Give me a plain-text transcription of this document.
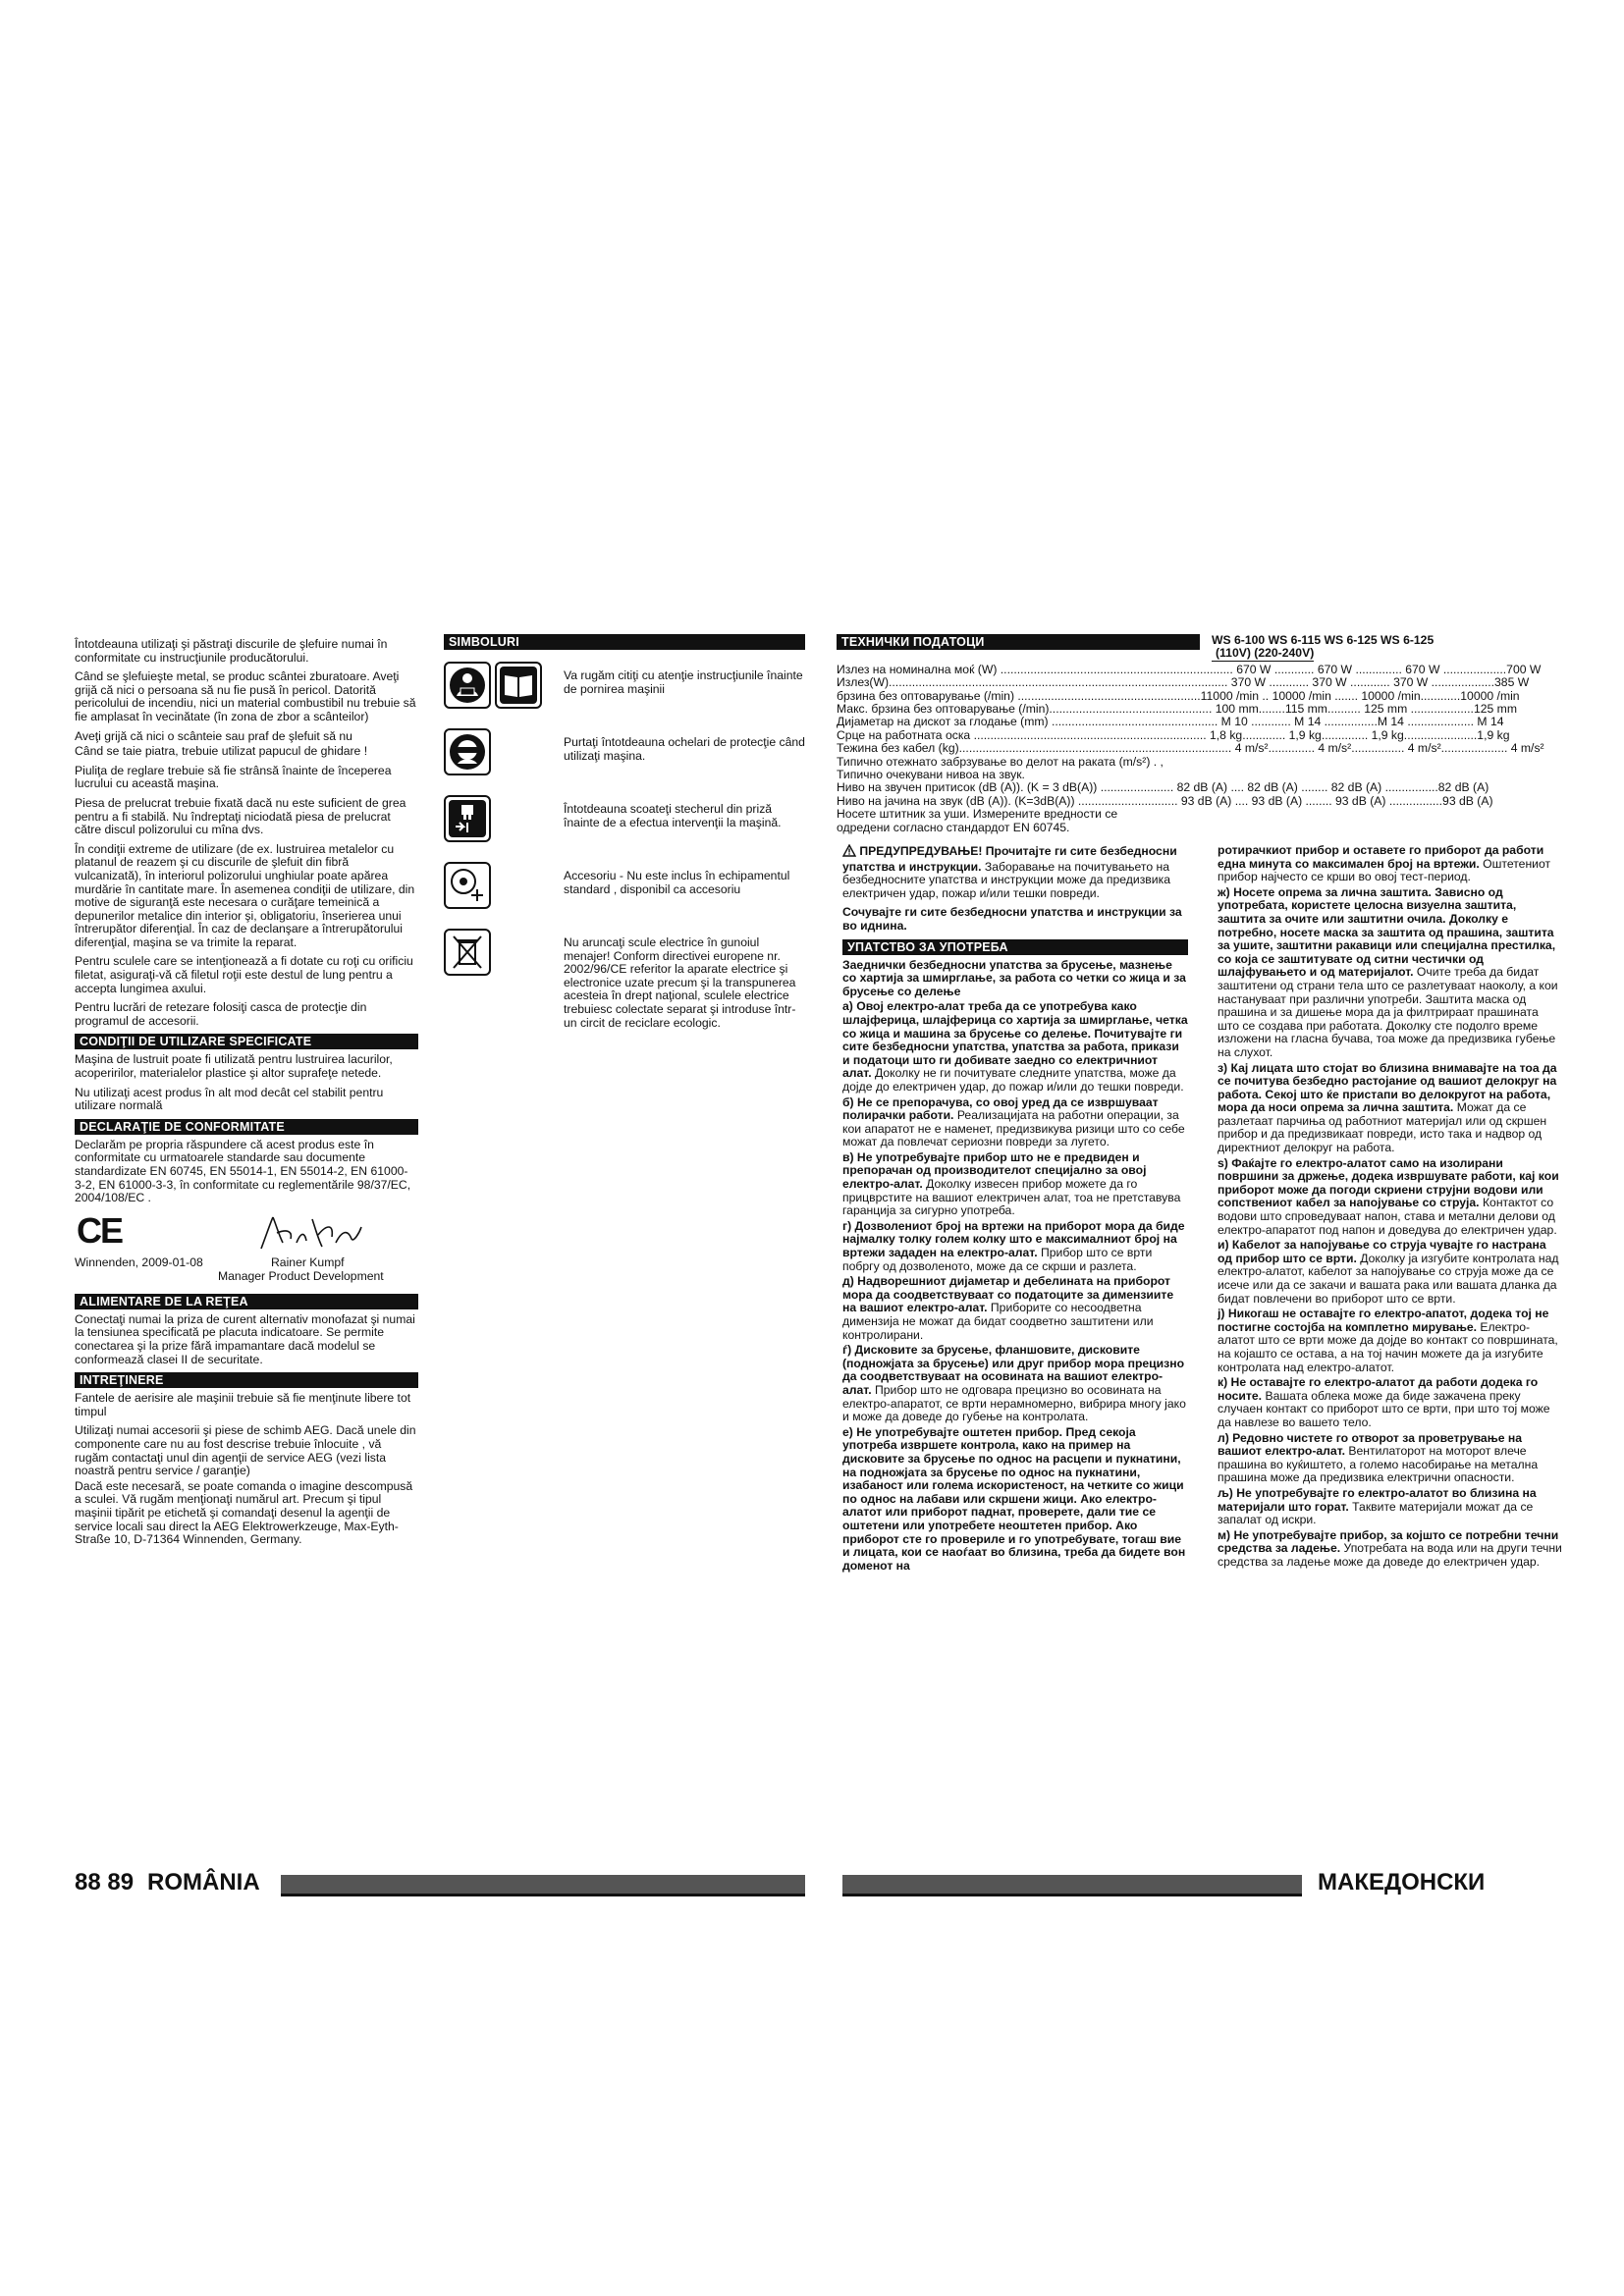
Întotdeauna utilizaţi şi păstraţi discurile de şlefuire numai în conformitate cu instrucţiunile producătorului.

Când se şlefuieşte metal, se produc scântei zburatoare. Aveţi grijă că nici o persoana să nu fie pusă în pericol. Datorită pericolului de incendiu, nici un material combustibil nu trebuie să fie amplasat în vecinătate (în zona de zbor a scânteilor)

Aveţi grijă că nici o scânteie sau praf de şlefuit să nu

Când se taie piatra, trebuie utilizat papucul de ghidare !

Piuliţa de reglare trebuie să fie strânsă înainte de începerea lucrului cu această maşina.

Piesa de prelucrat trebuie fixată dacă nu este suficient de grea pentru a fi stabilă. Nu îndreptaţi niciodată piesa de prelucrat către discul polizorului cu mîna dvs.

În condiţii extreme de utilizare (de ex. lustruirea metalelor cu platanul de reazem şi cu discurile de şlefuit din fibră vulcanizată), în interiorul polizorului unghiular poate apărea murdărie în cantitate mare. În asemenea condiţii de utilizare, din motive de siguranţă este necesara o curăţare temeinică a depunerilor metalice din interior şi, obligatoriu, înserierea unui întrerupător diferenţial. În caz de declanşare a întrerupătorului diferenţial, maşina se va trimite la reparat.

Pentru sculele care se intenţionează a fi dotate cu roţi cu orificiu filetat, asiguraţi-vă că filetul roţii este destul de lung pentru a accepta lungimea axului.

Pentru lucrări de retezare folosiţi casca de protecţie din programul de accesorii.

CONDIŢII DE UTILIZARE SPECIFICATE

Maşina de lustruit poate fi utilizată pentru lustruirea lacurilor, acoperirilor, materialelor plastice şi altor suprafeţe netede.

Nu utilizaţi acest produs în alt mod decât cel stabilit pentru utilizare normală

DECLARAŢIE DE CONFORMITATE

Declarăm pe propria răspundere că acest produs este în conformitate cu urmatoarele standarde sau documente standardizate EN 60745, EN 55014-1, EN 55014-2, EN 61000-3-2, EN 61000-3-3, în conformitate cu reglementările 98/37/EC, 2004/108/EC .

CE
Winnenden, 2009-01-08	Rainer Kumpf
Manager Product Development
ALIMENTARE DE LA REŢEA

Conectaţi numai la priza de curent alternativ monofazat şi numai la tensiunea specificată pe placuta indicatoare. Se permite conectarea şi la prize fără impamantare dacă modelul se conformează clasei II de securitate.

INTREŢINERE

Fantele de aerisire ale maşinii trebuie să fie menţinute libere tot timpul

Utilizaţi numai accesorii şi piese de schimb AEG. Dacă unele din componente care nu au fost descrise trebuie înlocuite , vă rugăm contactaţi unul din agenţii de service AEG (vezi lista noastră pentru service / garanţie)

Dacă este necesară, se poate comanda o imagine descompusă a sculei. Vă rugăm menţionaţi numărul art. Precum şi tipul maşinii tipărit pe etichetă şi comandaţi desenul la agenţii de service locali sau direct la AEG Elektrowerkzeuge, Max-Eyth-Straße 10, D-71364 Winnenden, Germany.

SIMBOLURI
Va rugăm citiţi cu atenţie instrucţiunile înainte de pornirea maşinii
Purtaţi întotdeauna ochelari de protecţie când utilizaţi maşina.
Întotdeauna scoateţi stecherul din priză înainte de a efectua intervenţii la maşină.
Accesoriu - Nu este inclus în echipamentul standard , disponibil ca accesoriu
Nu aruncaţi scule electrice în gunoiul menajer! Conform directivei europene nr. 2002/96/CE referitor la aparate electrice şi electronice uzate precum şi la transpunerea acesteia în drept naţional, sculele electrice trebuiesc colectate separat şi introduse într-un circit de reciclare ecologic.
88 89 ROMÂNIA
ТЕХНИЧКИ ПОДАТОЦИ	WS 6-100 WS 6-115 WS 6-125 WS 6-125
(110V) (220-240V)
Излез на номинална моќ (W) ...................................................................... 670 W ............ 670 W .............. 670 W ...................700 W
Излез(W)...................................................................................................... 370 W ............ 370 W ............ 370 W ...................385 W
брзина без оптоварување (/min) .......................................................11000 /min .. 10000 /min ....... 10000 /min............10000 /min
Макс. брзина без оптоварување (/min)................................................. 100 mm........115 mm.......... 125 mm ...................125 mm
Дијаметар на дискот за глодање (mm) .................................................. M 10 ............ M 14 ................M 14 .................... M 14
Срце на работната оска ...................................................................... 1,8 kg............. 1,9 kg.............. 1,9 kg......................1,9 kg
Тежина без кабел (kg).................................................................................. 4 m/s².............. 4 m/s²................ 4 m/s².................... 4 m/s²
Типично отежнато забрзување во делот на раката (m/s²) . ,
Типично очекувани нивоа на звук.
Ниво на звучен притисок (dB (A)). (K = 3 dB(A)) ...................... 82 dB (A) .... 82 dB (A) ........ 82 dB (A) ................82 dB (A)
Ниво на јачина на звук (dB (A)). (K=3dB(A)) .............................. 93 dB (A) .... 93 dB (A) ........ 93 dB (A) ................93 dB (A)
Носете штитник за уши. Измерените вредности се
одредени согласно стандардот EN 60745.

ПРЕДУПРЕДУВАЊЕ! Прочитајте ги сите безбедносни упатства и инструкции. Заборавање на почитувањето на безбедносните упатства и инструкции може да предизвика електричен удар, пожар и/или тешки повреди.

Сочувајте ги сите безбедносни упатства и инструкции за во иднина.

УПАТСТВО ЗА УПОТРЕБА

Заеднички безбедносни упатства за брусење, мазнење со хартија за шмирглање, за работа со четки со жица и за брусење со делење

а) Овој електро-алат треба да се употребува како шлајферица, шлајферица со хартија за шмирглање, четка со жица и машина за брусење со делење. Почитувајте ги сите безбедносни упатства, упатства за работа, прикази и податоци што ги добивате заедно со електричниот алат. Доколку не ги почитувате следните упатства, може да дојде до електричен удар, до пожар и/или до тешки повреди.

б) Не се препорачува, со овој уред да се извршуваат полирачки работи. Реализацијата на работни операции, за кои апаратот не е наменет, предизвикува ризици што со себе можат да повлечат сериозни повреди за лугето.

в) Не употребувајте прибор што не е предвиден и препорачан од производителот специјално за овој електро-алат. Доколку извесен прибор можете да го прицврстите на вашиот електричен алат, тоа не претставува гаранција за сигурно употреба.

г) Дозволениот број на вртежи на приборот мора да биде најмалку толку голем колку што е максималниот број на вртежи зададен на електро-алат. Прибор што се врти побргу од дозволеното, може да се скрши и разлета.

д) Надворешниот дијаметар и дебелината на приборот мора да соодветствуваат со податоците за димензиите на вашиот електро-алат. Приборите со несоодветна димензија не можат да бидат соодветно заштитени или контролирани.

ѓ) Дисковите за брусење, фланшовите, дисковите (подножјата за брусење) или друг прибор мора прецизно да соодветствуваат на осовината на вашиот електро-алат. Прибор што не одговара прецизно во осовината на електро-апаратот, се врти нерамномерно, вибрира многу јако и може да доведе до губење на контролата.

е) Не употребувајте оштетен прибор. Пред секоја употреба извршете контрола, како на пример на дисковите за брусење по однос на расцепи и пукнатини, на подножјата за брусење по однос на пукнатини, изабаност или голема искористеност, на четките со жици по однос на лабави или скршени жици. Ако електро-алатот или приборот паднат, проверете, дали тие се оштетени или употребете неоштетен прибор. Ако приборот сте го провериле и го употребувате, тогаш вие и лицата, кои се наоѓаат во близина, треба да бидете вон доменот на

ротирачкиот прибор и оставете го приборот да работи една минута со максимален број на вртежи. Оштетениот прибор најчесто се крши во овој тест-период.

ж) Носете опрема за лична заштита. Зависно од употребата, користете целосна визуелна заштита, заштита за очите или заштитни очила. Доколку е потребно, носете маска за заштита од прашина, заштита за ушите, заштитни ракавици или специјална престилка, со која се заштитувате од ситни честички од шлајфувањето и од материјалот. Очите треба да бидат заштитени од страни тела што се разлетуваат наоколу, а кои настануваат при различни употреби. Заштита маска од прашина и за дишење мора да ја филтрираат прашината што се создава при работата. Доколку сте подолго време изложени на гласна бучава, тоа може да предизвика губење на слухот.

з) Кај лицата што стојат во близина внимавајте на тоа да се почитува безбедно растојание од вашиот делокруг на работа. Секој што ќе пристапи во делокругот на работа, мора да носи опрема за лична заштита. Можат да се разлетаат парчиња од работниот материјал или од скршен прибор и да предизвикаат повреди, исто така и надвор од директниот делокруг на работа.

ѕ) Фаќајте го електро-алатот само на изолирани површини за држење, додека извршувате работи, кај кои приборот може да погоди скриени струјни водови или сопствениот кабел за напојување со струја. Контактот со водови што спроведуваат напон, става и метални делови од електро-апаратот под напон и доведува до електричен удар.

и) Кабелот за напојување со струја чувајте го настрана од прибор што се врти. Доколку ја изгубите контролата над електро-алатот, кабелот за напојување со струја може да се исече или да се закачи и вашата рака или вашата дланка да бидат повлечени во приборот што се врти.

ј) Никогаш не оставајте го електро-апатот, додека тој не постигне состојба на комплетно мирување. Електро-алатот што се врти може да дојде во контакт со површината, на којашто се оставa, a на тој начин можете да ја изгубите контролата над електро-алатот.

к) Не оставајте го електро-алатот да работи додека го носите. Вашата облека може да биде зажачена преку случаен контакт со приборот што се врти, при што тој може да навлезе во вашето тело.

л) Редовно чистете го отворот за проветрување на вашиот електро-алат. Вентилаторот на моторот влече прашина во куќиштето, а големо насобирање на метална прашина може да предизвика електрични опасности.

љ) Не употребувајте го електро-алатот во близина на материјали што горат. Таквите материјали можат да се запалат од искри.

м) Не употребувајте прибор, за којшто се потребни течни средства за ладење. Употребата на вода или на други течни средства за ладење може да доведе до електричен удар.

МАКЕДОНСКИ
